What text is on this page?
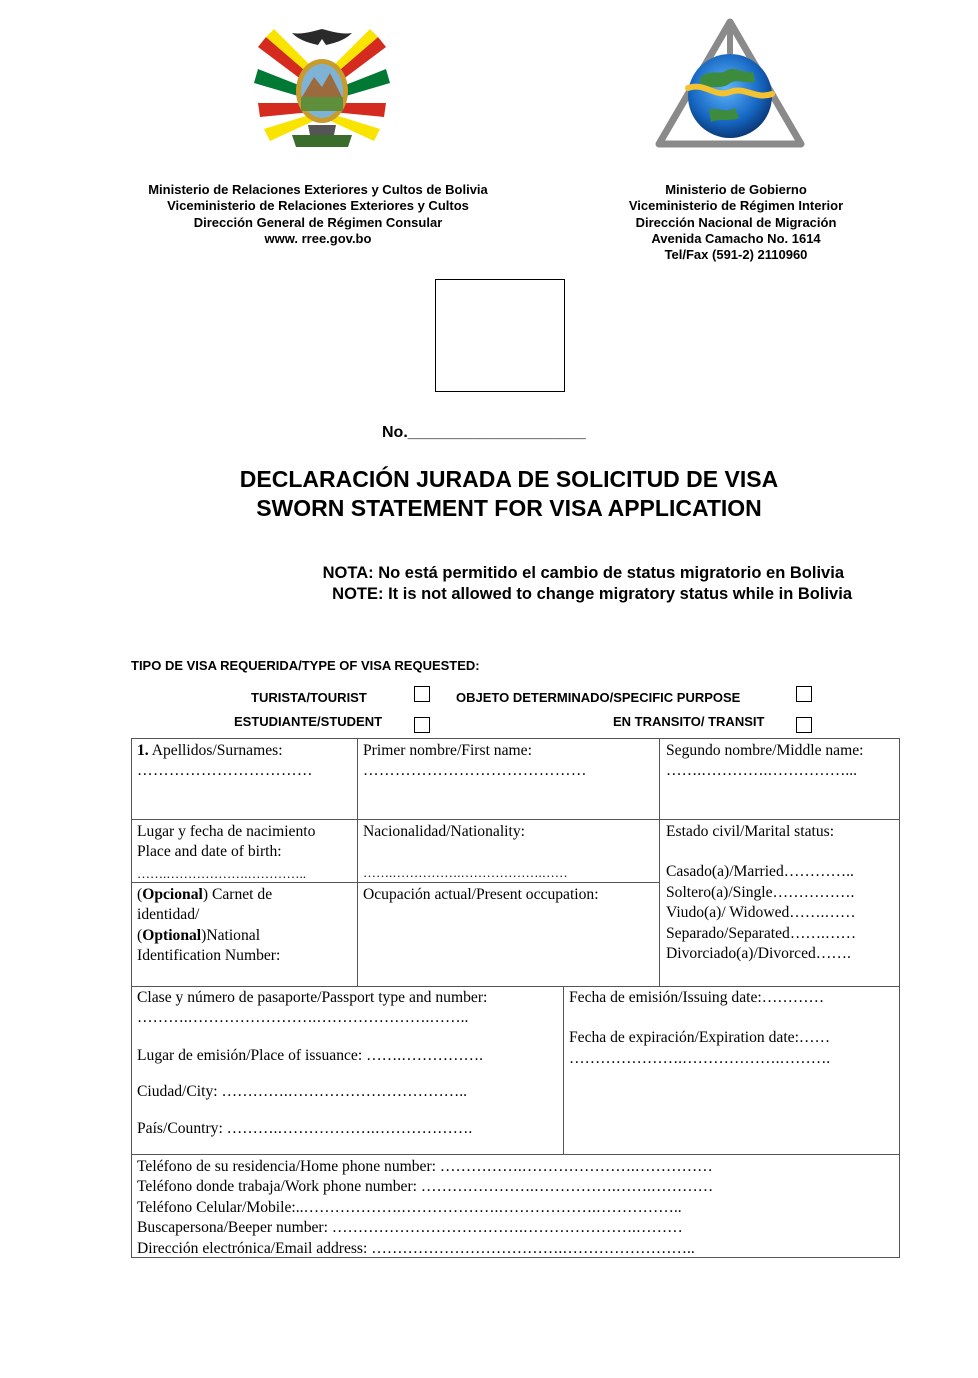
Ministerio de Relaciones Exteriores y Cultos de Bolivia
Viceministerio de Relaciones Exteriores y Cultos
Dirección General de Régimen Consular
www. rree.gov.bo
Ministerio de Gobierno
Viceministerio de Régimen Interior
Dirección Nacional de Migración
Avenida Camacho No. 1614
Tel/Fax (591-2) 2110960
No.____________________
DECLARACIÓN JURADA DE SOLICITUD DE VISA
SWORN STATEMENT FOR VISA APPLICATION
NOTA: No está permitido el cambio de status migratorio en Bolivia
NOTE: It is not allowed to change migratory status while in Bolivia
TIPO DE VISA REQUERIDA/TYPE OF VISA REQUESTED:
TURISTA/TOURIST	OBJETO DETERMINADO/SPECIFIC PURPOSE
ESTUDIANTE/STUDENT	EN TRANSITO/ TRANSIT
1. Apellidos/Surnames:
……………………………
Primer nombre/First name:
……………………………………
Segundo nombre/Middle name:
…….………….……………...
Lugar y fecha de nacimiento
Place and date of birth:
…….……………….…………..
Nacionalidad/Nationality:
…….…………….……………….……
Estado civil/Marital status:
Casado(a)/Married…………..
Soltero(a)/Single…………….
Viudo(a)/ Widowed…….……
Separado/Separated…….……
Divorciado(a)/Divorced…….
(Opcional) Carnet de
identidad/
(Optional)National
Identification Number:
Ocupación actual/Present occupation:
Clase y número de pasaporte/Passport type and number:
……….…………………….………………….……..
Lugar de emisión/Place of issuance: …….…………….
Ciudad/City: ………….……………………………..
País/Country: ……….……………….……………….
Fecha de emisión/Issuing date:…………
Fecha de expiración/Expiration date:……
………………….……………….……….
Teléfono de su residencia/Home phone number: …………….………………….……………
Teléfono donde trabaja/Work phone number: ………………….…………….…….…………
Teléfono Celular/Mobile:..……………….……………….……………….……………..
Buscapersona/Beeper number: ……………………………….………………….………
Dirección electrónica/Email address: ……………………………….……………………..
